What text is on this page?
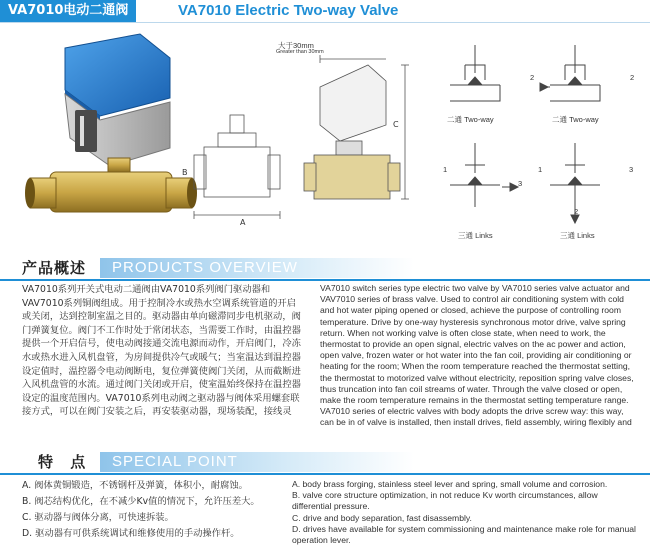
VA7010电动二通阀	VA7010 Electric Two-way Valve
大于30mm
Greater than 30mm
A
B
C
2	2
1
3
1	3
2
二通 Two-way	二通 Two-way
三通 Links	三通 Links
产品概述	PRODUCTS OVERVIEW
VA7010系列开关式电动二通阀由VA7010系列阀门驱动器和VAV7010系列铜阀组成。用于控制冷水或热水空调系统管道的开启或关闭，达到控制室温之目的。驱动器由单向磁滞同步电机驱动，阀门弹簧复位。阀门不工作时处于常闭状态，当需要工作时，由温控器提供一个开启信号，使电动阀接通交流电源而动作，开启阀门，冷冻水或热水进入风机盘管，为房间提供冷气或暖气；当室温达到温控器设定值时，温控器令电动阀断电，复位弹簧使阀门关闭，从而截断进入风机盘管的水流。通过阀门关闭或开启，使室温始终保持在温控器设定的温度范围内。VA7010系列电动阀之驱动器与阀体采用螺套联接方式，可以在阀门安装之后，再安装驱动器，现场装配，接线灵
VA7010 switch series type electric two valve by VA7010 series valve actuator and VAV7010 series of brass valve. Used to control air conditioning system with cold and hot water piping opened or closed, achieve the purpose of controlling room temperature. Drive by one-way hysteresis synchronous motor drive, valve spring return. When not working valve is often close state, when need to work, the thermostat to provide an open signal, electric valves on the ac power and action, open valve, frozen water or hot water into the fan coil, providing air conditioning or heating for the room; When the room temperature reached the thermostat setting, the thermostat to motorized valve without electricity, reposition spring valve closes, thus truncation into fan coil streams of water. Through the valve closed or open, make the room temperature remains in the thermostat setting temperature range. VA7010 series of electric valves with body adopts the drive screw way: this way, can be in of valve is installed, then install drives, field assembly, wiring flexibly and
特 点	SPECIAL POINT
A. 阀体黄铜锻造，不锈钢杆及弹簧，体积小，耐腐蚀。
B. 阀芯结构优化，在不减少Kv值的情况下，允许压差大。
C. 驱动器与阀体分离，可快速拆装。
D. 驱动器有可供系统调试和维修使用的手动操作杆。
A. body brass forging, stainless steel lever and spring, small volume and corrosion.
B. valve core structure optimization, in not reduce Kv worth circumstances, allow differential pressure.
C. drive and body separation, fast disassembly.
D. drives have available for system commissioning and maintenance make role for manual operation lever.
